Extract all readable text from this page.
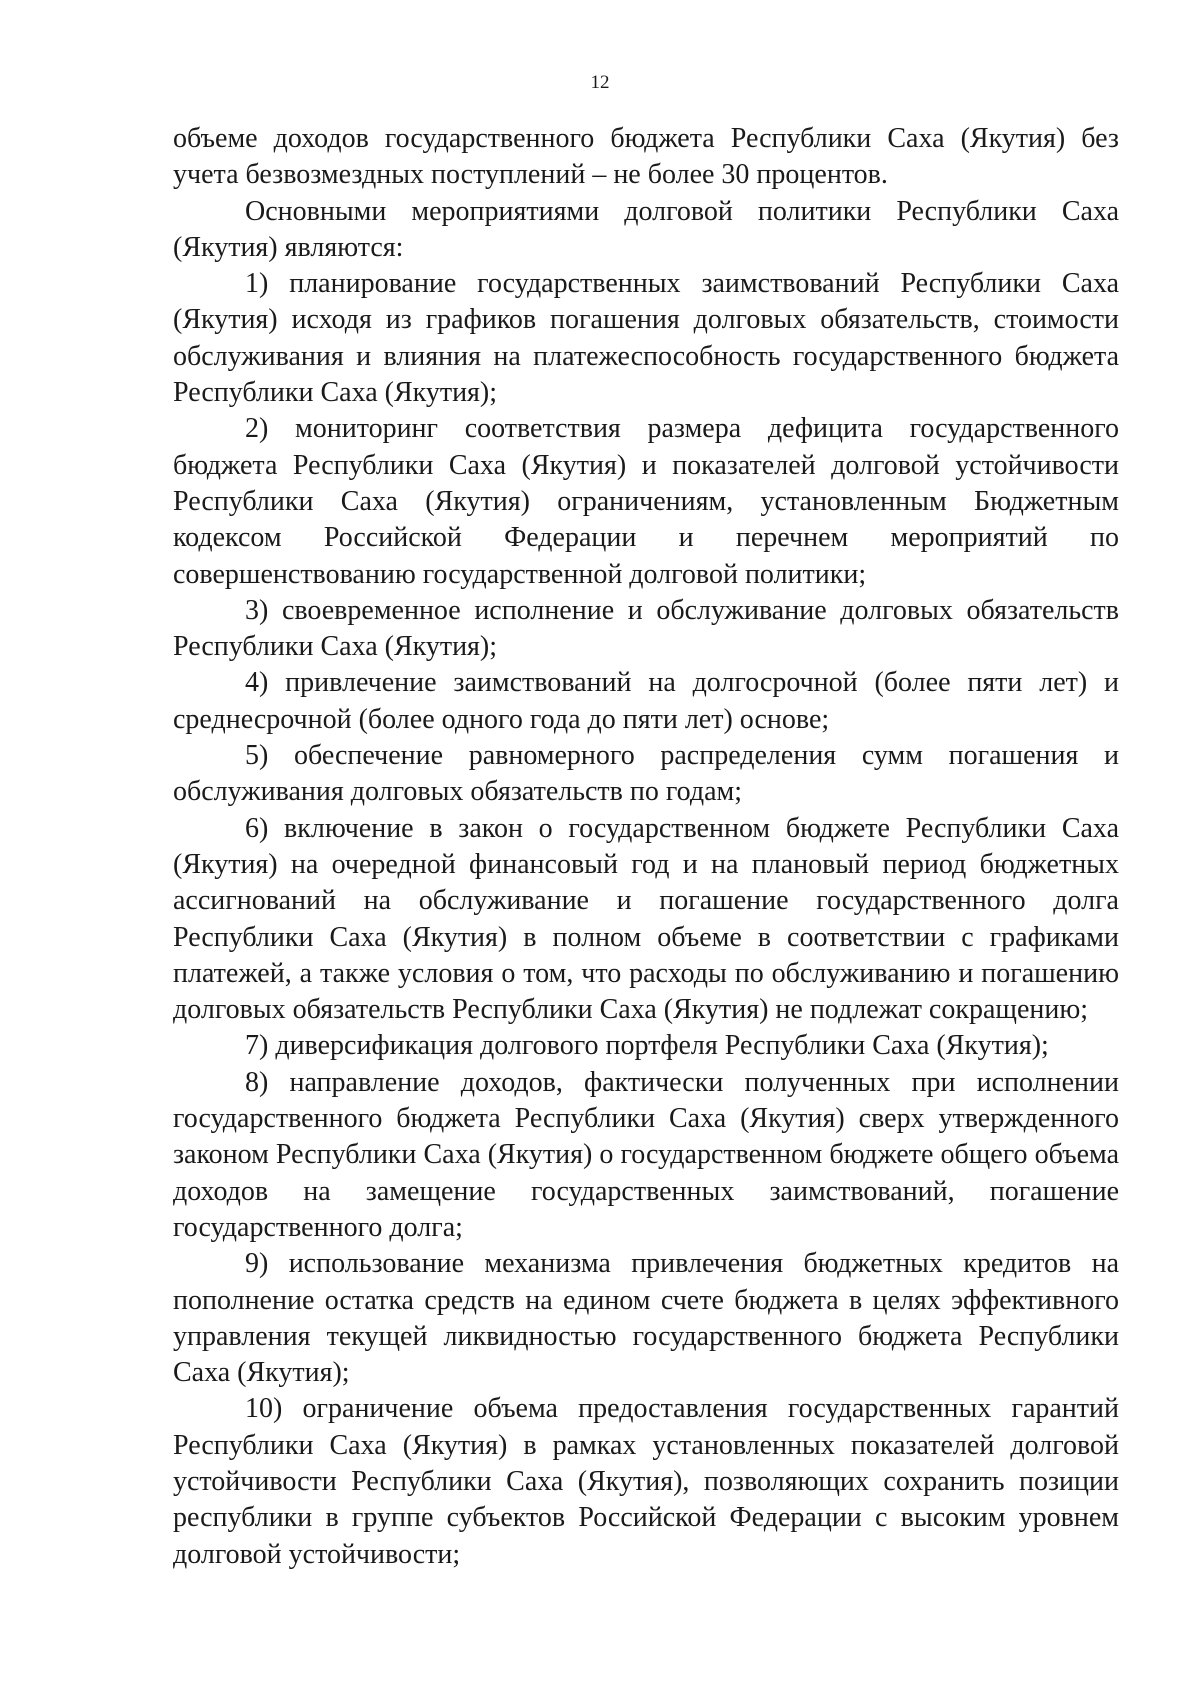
12

объеме доходов государственного бюджета Республики Саха (Якутия) без учета безвозмездных поступлений – не более 30 процентов.

Основными мероприятиями долговой политики Республики Саха (Якутия) являются:

1) планирование государственных заимствований Республики Саха (Якутия) исходя из графиков погашения долговых обязательств, стоимости обслуживания и влияния на платежеспособность государственного бюджета Республики Саха (Якутия);

2) мониторинг соответствия размера дефицита государственного бюджета Республики Саха (Якутия) и показателей долговой устойчивости Республики Саха (Якутия) ограничениям, установленным Бюджетным кодексом Российской Федерации и перечнем мероприятий по совершенствованию государственной долговой политики;

3) своевременное исполнение и обслуживание долговых обязательств Республики Саха (Якутия);

4) привлечение заимствований на долгосрочной (более пяти лет) и среднесрочной (более одного года до пяти лет) основе;

5) обеспечение равномерного распределения сумм погашения и обслуживания долговых обязательств по годам;

6) включение в закон о государственном бюджете Республики Саха (Якутия) на очередной финансовый год и на плановый период бюджетных ассигнований на обслуживание и погашение государственного долга Республики Саха (Якутия) в полном объеме в соответствии с графиками платежей, а также условия о том, что расходы по обслуживанию и погашению долговых обязательств Республики Саха (Якутия) не подлежат сокращению;

7) диверсификация долгового портфеля Республики Саха (Якутия);

8) направление доходов, фактически полученных при исполнении государственного бюджета Республики Саха (Якутия) сверх утвержденного законом Республики Саха (Якутия) о государственном бюджете общего объема доходов на замещение государственных заимствований, погашение государственного долга;

9) использование механизма привлечения бюджетных кредитов на пополнение остатка средств на едином счете бюджета в целях эффективного управления текущей ликвидностью государственного бюджета Республики Саха (Якутия);

10) ограничение объема предоставления государственных гарантий Республики Саха (Якутия) в рамках установленных показателей долговой устойчивости Республики Саха (Якутия), позволяющих сохранить позиции республики в группе субъектов Российской Федерации с высоким уровнем долговой устойчивости;
